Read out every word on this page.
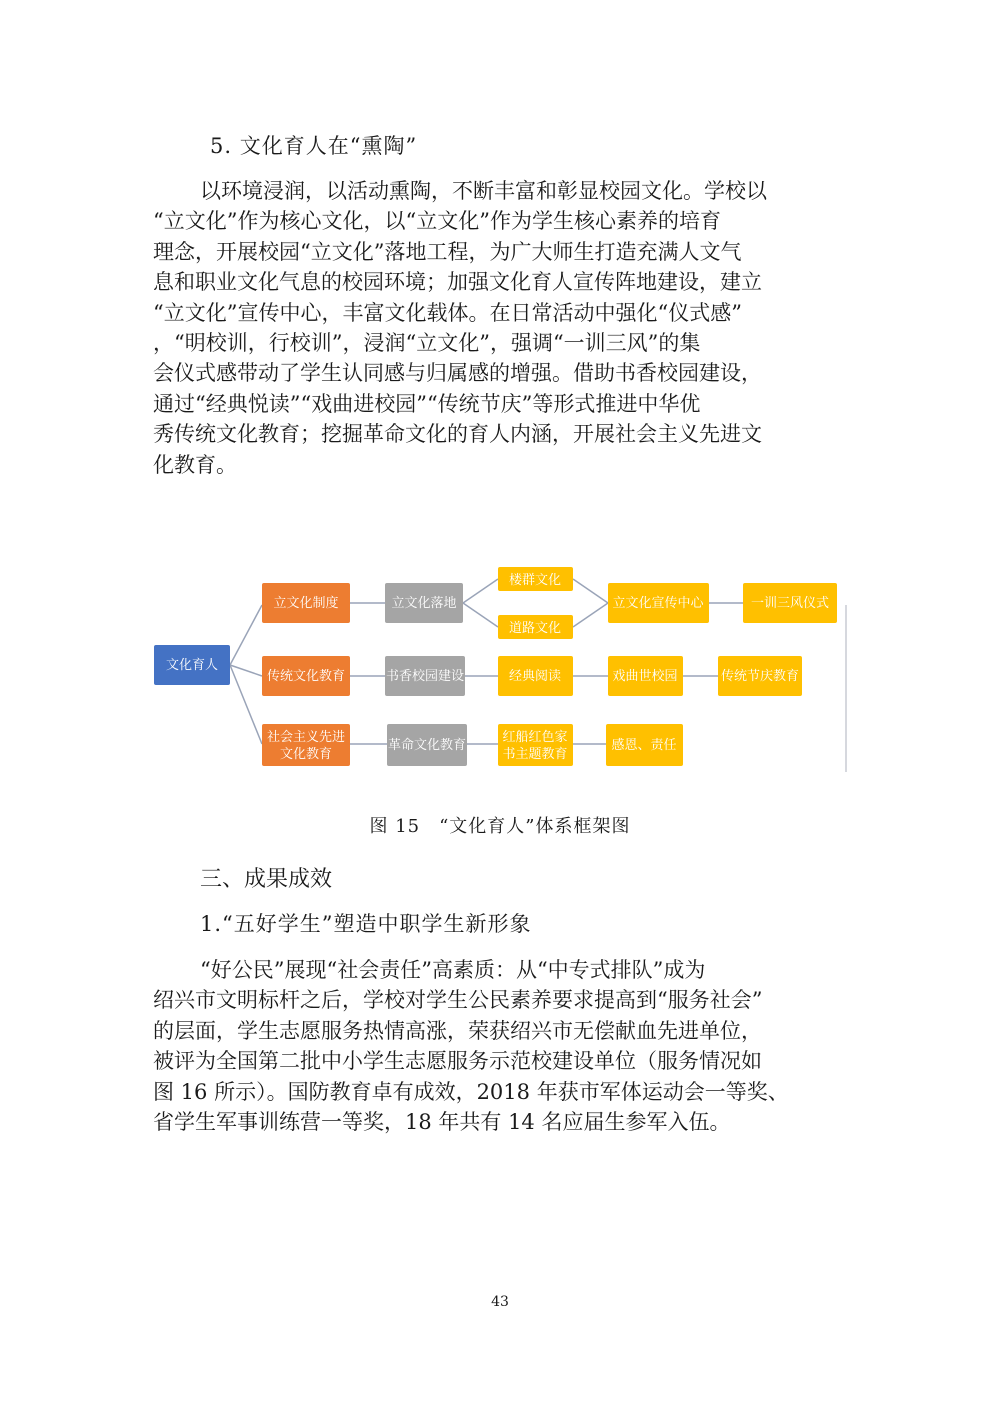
5. 文化育人在“熏陶”
以环境浸润，以活动熏陶，不断丰富和彰显校园文化。学校以
“立文化”作为核心文化，以“立文化”作为学生核心素养的培育
理念，开展校园“立文化”落地工程，为广大师生打造充满人文气
息和职业文化气息的校园环境；加强文化育人宣传阵地建设，建立
“立文化”宣传中心，丰富文化载体。在日常活动中强化“仪式感”
，“明校训，行校训”，浸润“立文化”，强调“一训三风”的集
会仪式感带动了学生认同感与归属感的增强。借助书香校园建设，
通过“经典悦读”“戏曲进校园”“传统节庆”等形式推进中华优
秀传统文化教育；挖掘革命文化的育人内涵，开展社会主义先进文
化教育。
文化育人
立文化制度	立文化落地
楼群文化
道路文化
立文化宣传中心	一训三风仪式
传统文化教育	书香校园建设	经典阅读	戏曲世校园	传统节庆教育
社会主义先进
文化教育
革命文化教育
红船红色家
书主题教育
感恩、责任
图 15　“文化育人”体系框架图
三、成果成效
1.“五好学生”塑造中职学生新形象
“好公民”展现“社会责任”高素质：从“中专式排队”成为
绍兴市文明标杆之后，学校对学生公民素养要求提高到“服务社会”
的层面，学生志愿服务热情高涨，荣获绍兴市无偿献血先进单位，
被评为全国第二批中小学生志愿服务示范校建设单位（服务情况如
图 16 所示）。国防教育卓有成效，2018 年获市军体运动会一等奖、
省学生军事训练营一等奖，18 年共有 14 名应届生参军入伍。
43
